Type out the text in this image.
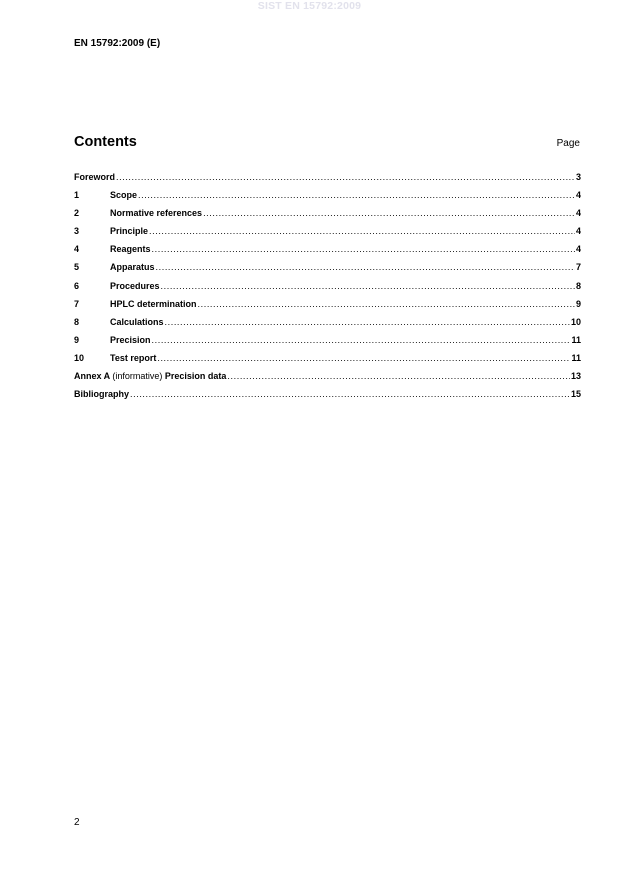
SIST EN 15792:2009
EN 15792:2009 (E)
Contents	Page
Foreword .....	3
1	Scope .....	4
2	Normative references .....	4
3	Principle .....	4
4	Reagents .....	4
5	Apparatus .....	7
6	Procedures .....	8
7	HPLC determination .....	9
8	Calculations .....	10
9	Precision .....	11
10	Test report .....	11
Annex A (informative) Precision data .....	13
Bibliography .....	15
2
